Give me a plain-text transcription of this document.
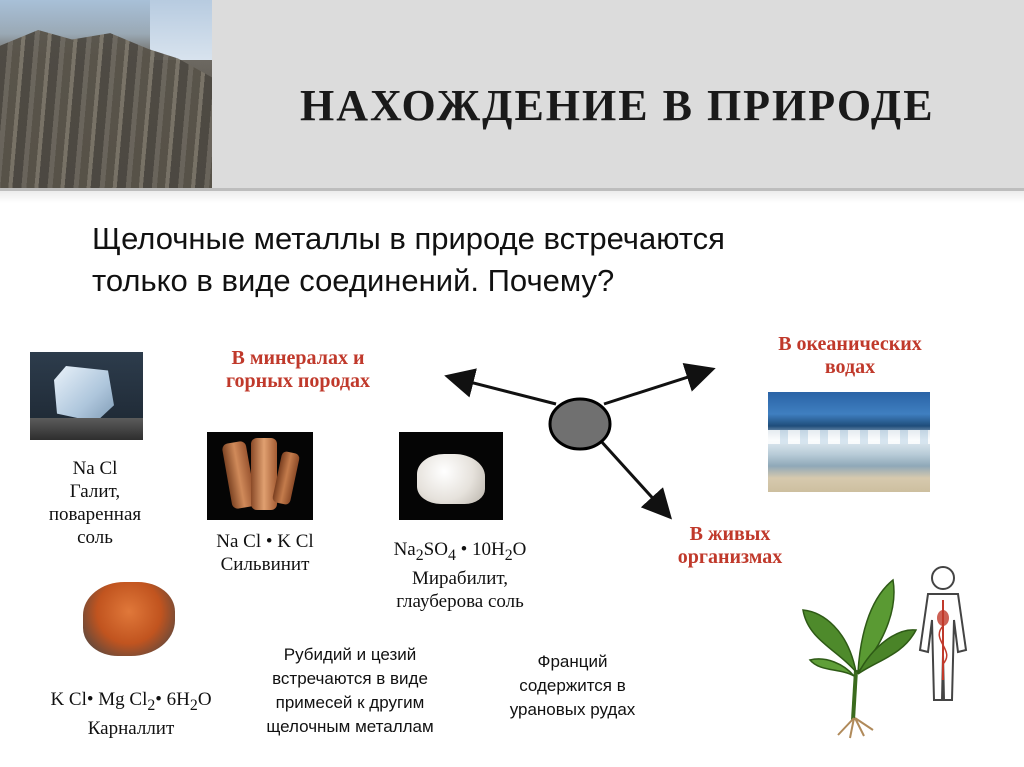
НАХОЖДЕНИЕ В ПРИРОДЕ
Щелочные металлы в природе встречаются
только в виде соединений. Почему?
В минералах и
горных породах
В океанических
водах
В живых
организмах
Na Cl
Галит,
поваренная
соль	Na Cl • K Cl
Сильвинит
$Na_2SO_4$ • $10H_2O$
Мирабилит,
глауберова соль
K Cl• Mg $Cl_2•$ $6H_2O$
Карналлит
Рубидий и цезий
встречаются в виде
примесей к другим
щелочным металлам
Франций
содержится в
урановых рудах
